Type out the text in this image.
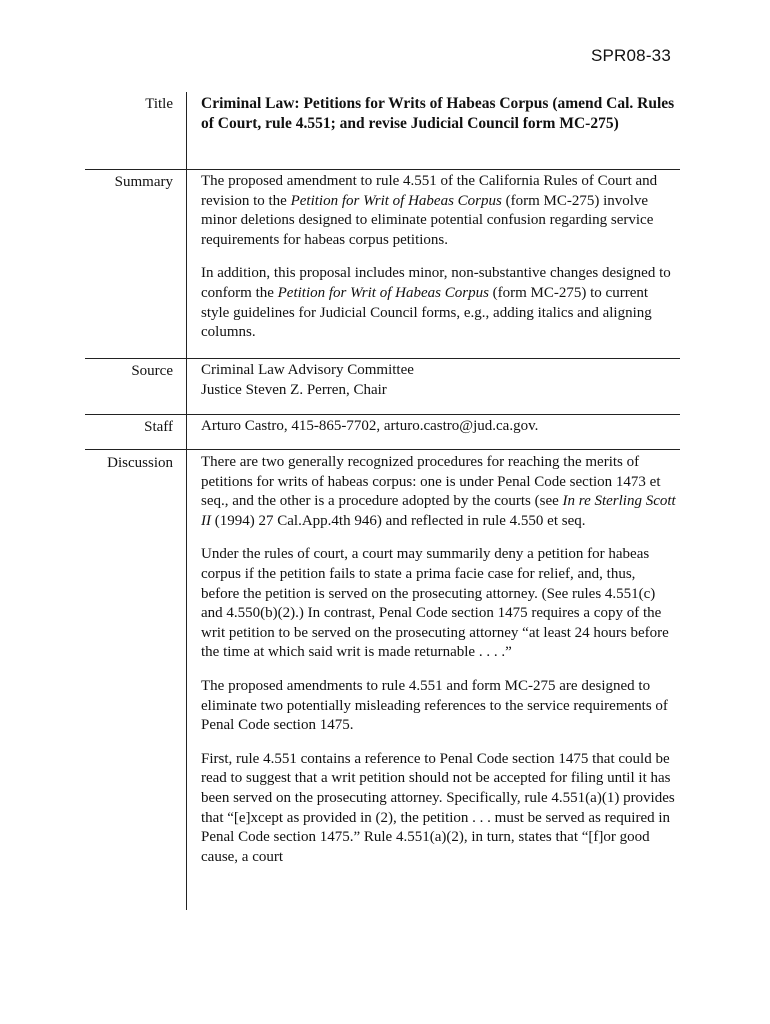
SPR08-33
Title Criminal Law: Petitions for Writs of Habeas Corpus (amend Cal. Rules of Court, rule 4.551; and revise Judicial Council form MC-275)
Summary The proposed amendment to rule 4.551 of the California Rules of Court and revision to the Petition for Writ of Habeas Corpus (form MC-275) involve minor deletions designed to eliminate potential confusion regarding service requirements for habeas corpus petitions.

In addition, this proposal includes minor, non-substantive changes designed to conform the Petition for Writ of Habeas Corpus (form MC-275) to current style guidelines for Judicial Council forms, e.g., adding italics and aligning columns.

Source Criminal Law Advisory Committee

Justice Steven Z. Perren, Chair

Staff Arturo Castro, 415-865-7702, arturo.castro@jud.ca.gov.
Discussion There are two generally recognized procedures for reaching the merits of petitions for writs of habeas corpus: one is under Penal Code section 1473 et seq., and the other is a procedure adopted by the courts (see In re Sterling Scott II (1994) 27 Cal.App.4th 946) and reflected in rule 4.550 et seq.

Under the rules of court, a court may summarily deny a petition for habeas corpus if the petition fails to state a prima facie case for relief, and, thus, before the petition is served on the prosecuting attorney. (See rules 4.551(c) and 4.550(b)(2).) In contrast, Penal Code section 1475 requires a copy of the writ petition to be served on the prosecuting attorney “at least 24 hours before the time at which said writ is made returnable . . . .”

The proposed amendments to rule 4.551 and form MC-275 are designed to eliminate two potentially misleading references to the service requirements of Penal Code section 1475.

First, rule 4.551 contains a reference to Penal Code section 1475 that could be read to suggest that a writ petition should not be accepted for filing until it has been served on the prosecuting attorney. Specifically, rule 4.551(a)(1) provides that “[e]xcept as provided in (2), the petition . . . must be served as required in Penal Code section 1475.” Rule 4.551(a)(2), in turn, states that “[f]or good cause, a court
